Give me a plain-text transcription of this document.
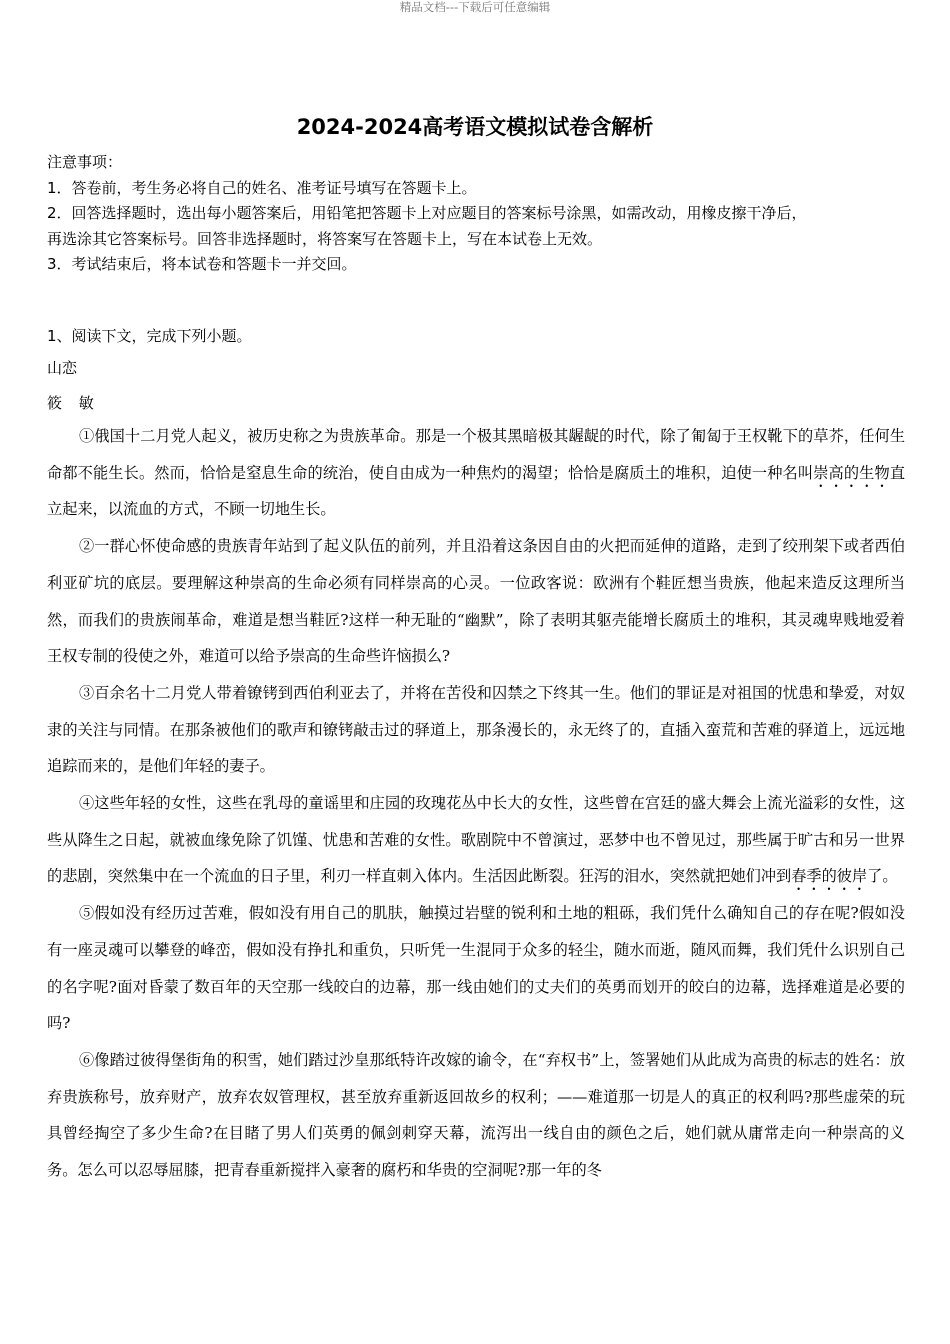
精品文档---下载后可任意编辑
2024-2024高考语文模拟试卷含解析
注意事项：
1．答卷前，考生务必将自己的姓名、准考证号填写在答题卡上。
2．回答选择题时，选出每小题答案后，用铅笔把答题卡上对应题目的答案标号涂黑，如需改动，用橡皮擦干净后，
再选涂其它答案标号。回答非选择题时，将答案写在答题卡上，写在本试卷上无效。
3．考试结束后，将本试卷和答题卡一并交回。
1、阅读下文，完成下列小题。
山恋
筱 敏

①俄国十二月党人起义，被历史称之为贵族革命。那是一个极其黑暗极其龌龊的时代，除了匍匐于王权靴下的草芥，任何生命都不能生长。然而，恰恰是窒息生命的统治，使自由成为一种焦灼的渴望；恰恰是腐质土的堆积，迫使一种名叫崇高的生物直立起来，以流血的方式，不顾一切地生长。

②一群心怀使命感的贵族青年站到了起义队伍的前列，并且沿着这条因自由的火把而延伸的道路，走到了绞刑架下或者西伯利亚矿坑的底层。要理解这种崇高的生命必须有同样崇高的心灵。一位政客说：欧洲有个鞋匠想当贵族，他起来造反这理所当然，而我们的贵族闹革命，难道是想当鞋匠?这样一种无耻的“幽默”，除了表明其躯壳能增长腐质土的堆积，其灵魂卑贱地爱着王权专制的役使之外，难道可以给予崇高的生命些许恼损么?

③百余名十二月党人带着镣铐到西伯利亚去了，并将在苦役和囚禁之下终其一生。他们的罪证是对祖国的忧患和挚爱，对奴隶的关注与同情。在那条被他们的歌声和镣铐敲击过的驿道上，那条漫长的，永无终了的，直插入蛮荒和苦难的驿道上，远远地追踪而来的，是他们年轻的妻子。

④这些年轻的女性，这些在乳母的童谣里和庄园的玫瑰花丛中长大的女性，这些曾在宫廷的盛大舞会上流光溢彩的女性，这些从降生之日起，就被血缘免除了饥馑、忧患和苦难的女性。歌剧院中不曾演过，恶梦中也不曾见过，那些属于旷古和另一世界的悲剧，突然集中在一个流血的日子里，利刃一样直刺入体内。生活因此断裂。狂泻的泪水，突然就把她们冲到春季的彼岸了。

⑤假如没有经历过苦难，假如没有用自己的肌肤，触摸过岩壁的锐利和土地的粗砾，我们凭什么确知自己的存在呢?假如没有一座灵魂可以攀登的峰峦，假如没有挣扎和重负，只听凭一生混同于众多的轻尘，随水而逝，随风而舞，我们凭什么识别自己的名字呢?面对昏蒙了数百年的天空那一线皎白的边幕，那一线由她们的丈夫们的英勇而划开的皎白的边幕，选择难道是必要的吗?

⑥像踏过彼得堡街角的积雪，她们踏过沙皇那纸特许改嫁的谕令，在“弃权书”上，签署她们从此成为高贵的标志的姓名：放弃贵族称号，放弃财产，放弃农奴管理权，甚至放弃重新返回故乡的权利；——难道那一切是人的真正的权利吗?那些虚荣的玩具曾经掏空了多少生命?在目睹了男人们英勇的佩剑刺穿天幕，流泻出一线自由的颜色之后，她们就从庸常走向一种崇高的义务。怎么可以忍辱屈膝，把青春重新搅拌入豪奢的腐朽和华贵的空洞呢?那一年的冬
